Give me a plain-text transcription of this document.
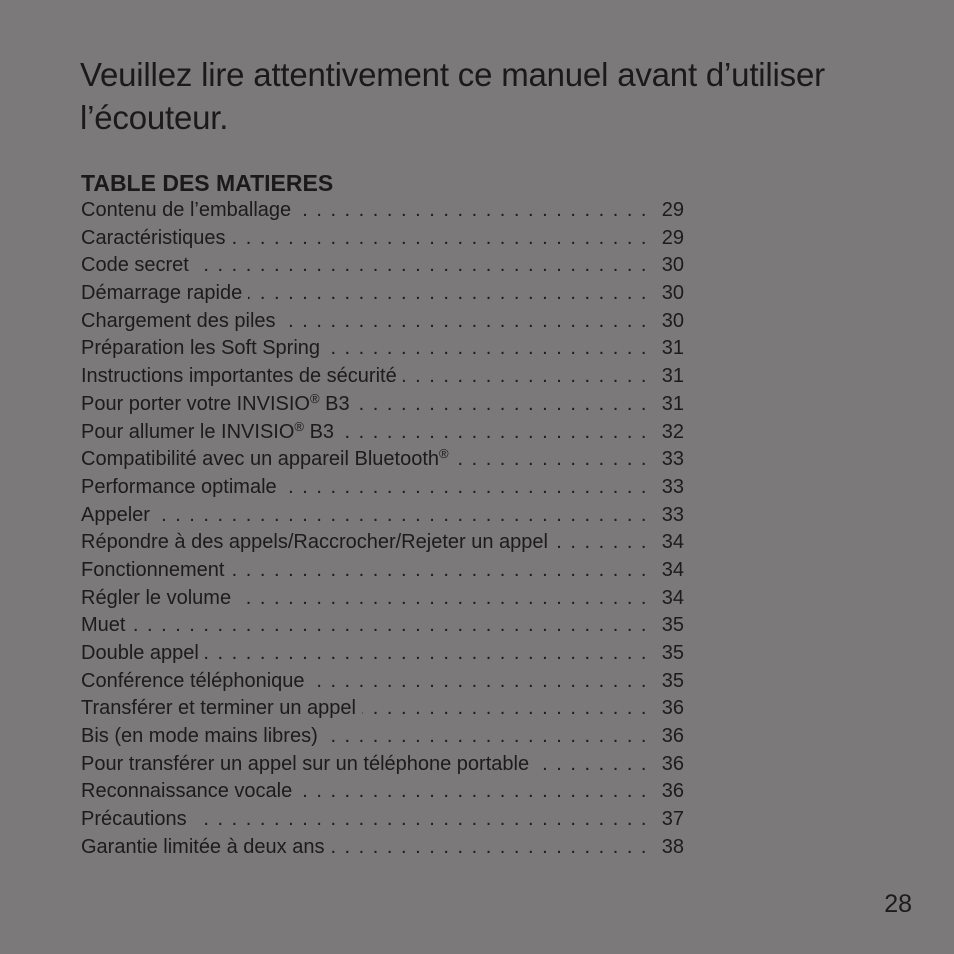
Veuillez lire attentivement ce manuel avant d’utiliser l’écouteur.
TABLE DES MATIERES
. . .
Contenu de l’emballage	29
. . .
Caractéristiques	29
. . .
Code secret	30
. . .
Démarrage rapide	30
. . .
Chargement des piles	30
. . .
Préparation les Soft Spring	31
. . .
Instructions importantes de sécurité	31
. . .
Pour porter votre INVISIO® B3	31
. . .
Pour allumer le INVISIO® B3	32
. . .
Compatibilité avec un appareil Bluetooth®	33
. . .
Performance optimale	33
. . .
Appeler	33
. . .
Répondre à des appels/Raccrocher/Rejeter un appel	34
. . .
Fonctionnement	34
. . .
Régler le volume	34
. . .
Muet	35
. . .
Double appel	35
. . .
Conférence téléphonique	35
. . .
Transférer et terminer un appel	36
. . .
Bis (en mode mains libres)	36
. . .
Pour transférer un appel sur un téléphone portable	36
. . .
Reconnaissance vocale	36
. . .
Précautions	37
. . .
Garantie limitée à deux ans	38
28
